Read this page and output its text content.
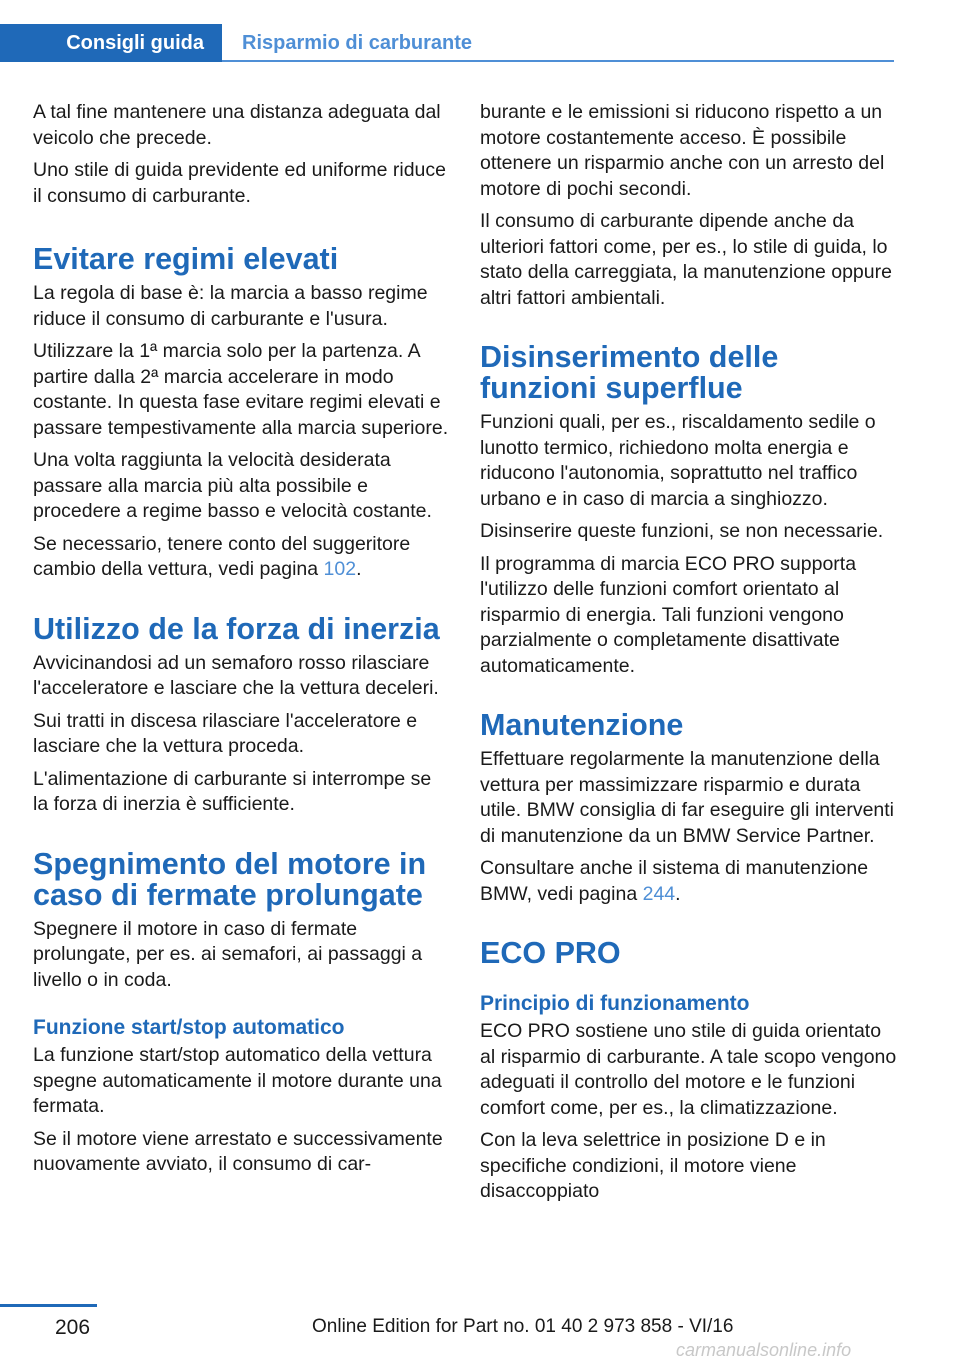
Consigli guida Risparmio di carburante

A tal fine mantenere una distanza adeguata dal veicolo che precede.

Uno stile di guida previdente ed uniforme riduce il consumo di carburante.

Evitare regimi elevati

La regola di base è: la marcia a basso regime riduce il consumo di carburante e l'usura.

Utilizzare la 1ª marcia solo per la partenza. A partire dalla 2ª marcia accelerare in modo costante. In questa fase evitare regimi elevati e passare tempestivamente alla marcia superiore.

Una volta raggiunta la velocità desiderata passare alla marcia più alta possibile e procedere a regime basso e velocità costante.

Se necessario, tenere conto del suggeritore cambio della vettura, vedi pagina 102.

Utilizzo de la forza di inerzia

Avvicinandosi ad un semaforo rosso rilasciare l'acceleratore e lasciare che la vettura deceleri.

Sui tratti in discesa rilasciare l'acceleratore e lasciare che la vettura proceda.

L'alimentazione di carburante si interrompe se la forza di inerzia è sufficiente.

Spegnimento del motore in caso di fermate prolungate

Spegnere il motore in caso di fermate prolungate, per es. ai semafori, ai passaggi a livello o in coda.

Funzione start/stop automatico

La funzione start/stop automatico della vettura spegne automaticamente il motore durante una fermata.

Se il motore viene arrestato e successivamente nuovamente avviato, il consumo di car-

burante e le emissioni si riducono rispetto a un motore costantemente acceso. È possibile ottenere un risparmio anche con un arresto del motore di pochi secondi.

Il consumo di carburante dipende anche da ulteriori fattori come, per es., lo stile di guida, lo stato della carreggiata, la manutenzione oppure altri fattori ambientali.

Disinserimento delle funzioni superflue

Funzioni quali, per es., riscaldamento sedile o lunotto termico, richiedono molta energia e riducono l'autonomia, soprattutto nel traffico urbano e in caso di marcia a singhiozzo.

Disinserire queste funzioni, se non necessarie.

Il programma di marcia ECO PRO supporta l'utilizzo delle funzioni comfort orientato al risparmio di energia. Tali funzioni vengono parzialmente o completamente disattivate automaticamente.

Manutenzione

Effettuare regolarmente la manutenzione della vettura per massimizzare risparmio e durata utile. BMW consiglia di far eseguire gli interventi di manutenzione da un BMW Service Partner.

Consultare anche il sistema di manutenzione BMW, vedi pagina 244.

ECO PRO
Principio di funzionamento

ECO PRO sostiene uno stile di guida orientato al risparmio di carburante. A tale scopo vengono adeguati il controllo del motore e le funzioni comfort come, per es., la climatizzazione.

Con la leva selettrice in posizione D e in specifiche condizioni, il motore viene disaccoppiato

206	Online Edition for Part no. 01 40 2 973 858 - VI/16
carmanualsonline.info
